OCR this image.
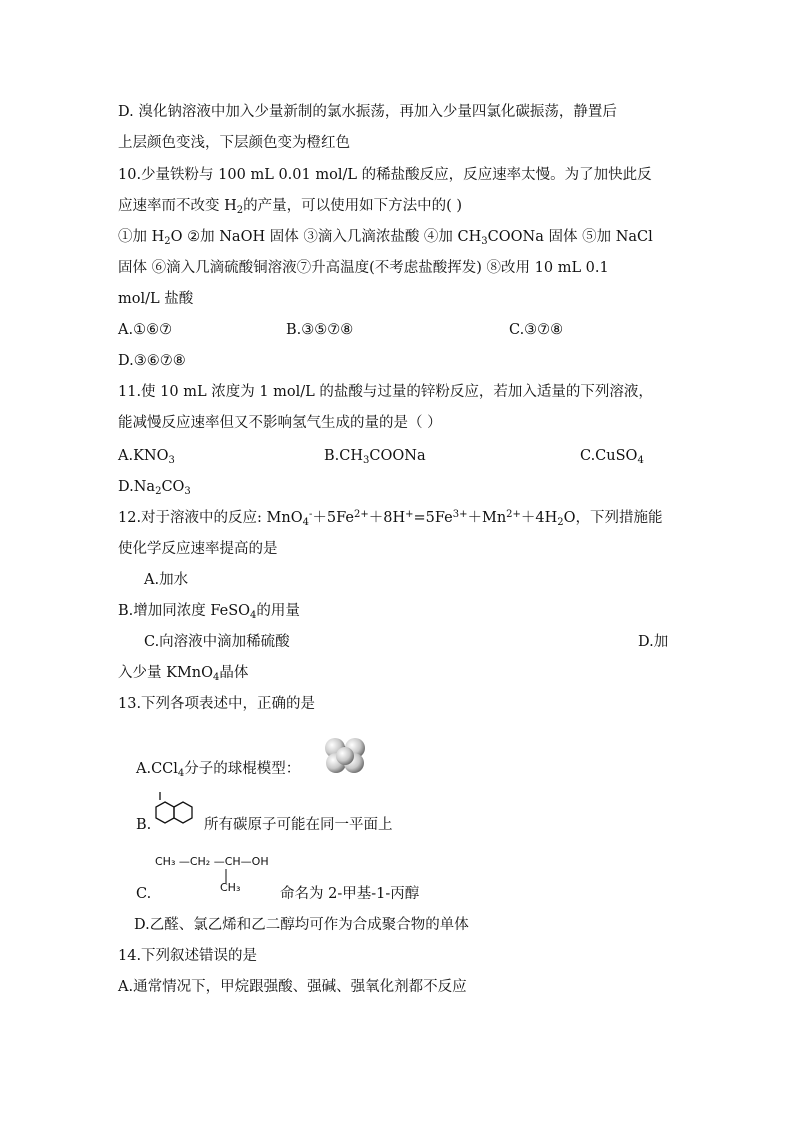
D. 溴化钠溶液中加入少量新制的氯水振荡，再加入少量四氯化碳振荡，静置后
上层颜色变浅，下层颜色变为橙红色
10.少量铁粉与 100 mL 0.01 mol/L 的稀盐酸反应，反应速率太慢。为了加快此反
应速率而不改变 $H_2$的产量，可以使用如下方法中的( )
①加 $H_2O$ ②加 NaOH 固体 ③滴入几滴浓盐酸 ④加 $CH_3COONa$ 固体 ⑤加 NaCl
固体 ⑥滴入几滴硫酸铜溶液⑦升高温度(不考虑盐酸挥发) ⑧改用 10 mL 0.1
mol/L 盐酸
A.①⑥⑦	B.③⑤⑦⑧	C.③⑦⑧
D.③⑥⑦⑧
11.使 10 mL 浓度为 1 mol/L 的盐酸与过量的锌粉反应，若加入适量的下列溶液，
能减慢反应速率但又不影响氢气生成的量的是（ ）
$A.KNO_3$	$B.CH_3COONa$	C.CuSO$_4$
$D.Na_2CO_3$
12.对于溶液中的反应: $MnO_4^-+5Fe^{2+}+8H^+=5Fe^{3+}+Mn^{2+}+4H_2O$，下列措施能
使化学反应速率提高的是
A.加水
B.增加同浓度 FeSO$_4$的用量
C.向溶液中滴加稀硫酸	D.加
入少量 KMnO$_4$晶体
13.下列各项表述中，正确的是
A.CCl$_4$分子的球棍模型：
B.	所有碳原子可能在同一平面上
CH₃ —CH₂ —CH—OH
CH₃
C.	命名为 2-甲基-1-丙醇
D.乙醛、氯乙烯和乙二醇均可作为合成聚合物的单体
14.下列叙述错误的是
A.通常情况下，甲烷跟强酸、强碱、强氧化剂都不反应
